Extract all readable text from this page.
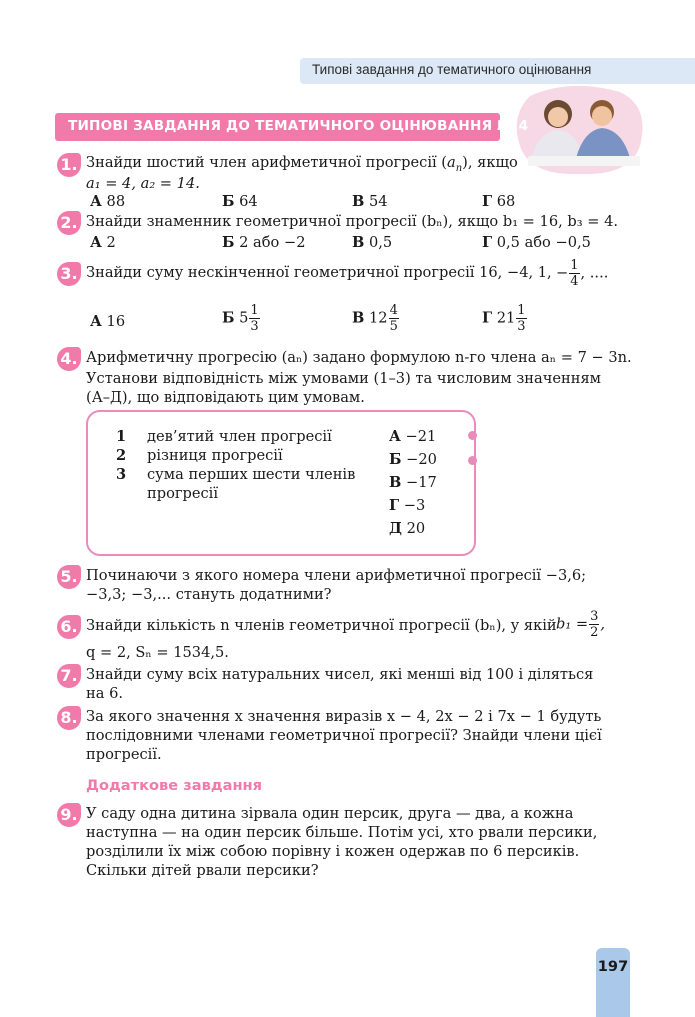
Типові завдання до тематичного оцінювання
ТИПОВІ ЗАВДАННЯ ДО ТЕМАТИЧНОГО ОЦІНЮВАННЯ № 4
1. Знайди шостий член арифметичної прогресії $(a_n)$, якщо
a₁ = 4, a₂ = 14.
А 88	Б 64	В 54	Г 68
2. Знайди знаменник геометричної прогресії (bₙ), якщо b₁ = 16, b₃ = 4.
А 2	Б 2 або −2	В 0,5	Г 0,5 або −0,5
3. Знайди суму нескінченної геометричної прогресії 16, −4, 1, − $\frac{1}{4}$ , ....
А 16	Б $5 \frac{1}{3}$	В $12 \frac{4}{5}$	Г $21 \frac{1}{3}$
4. Арифметичну прогресію (aₙ) задано формулою n-го члена aₙ = 7 − 3n.
Установи відповідність між умовами (1–3) та числовим значенням
(А–Д), що відповідають цим умовам.
1 дев’ятий член прогресії
2 різниця прогресії
3 сума перших шести членів
прогресії
А −21
Б −20
В −17
Г −3
Д 20
5. Починаючи з якого номера члени арифметичної прогресії −3,6;
−3,3; −3,... стануть додатними?
6. Знайди кількість n членів геометричної прогресії (bₙ), у якій $b_1 = \frac{3}{2}$ ,
q = 2, Sₙ = 1534,5.
7. Знайди суму всіх натуральних чисел, які менші від 100 і діляться
на 6.
8. За якого значення x значення виразів x − 4, 2x − 2 і 7x − 1 будуть
послідовними членами геометричної прогресії? Знайди члени цієї
прогресії.
Додаткове завдання
9. У саду одна дитина зірвала один персик, друга — два, а кожна
наступна — на один персик більше. Потім усі, хто рвали персики,
розділили їх між собою порівну і кожен одержав по 6 персиків.
Скільки дітей рвали персики?
197
